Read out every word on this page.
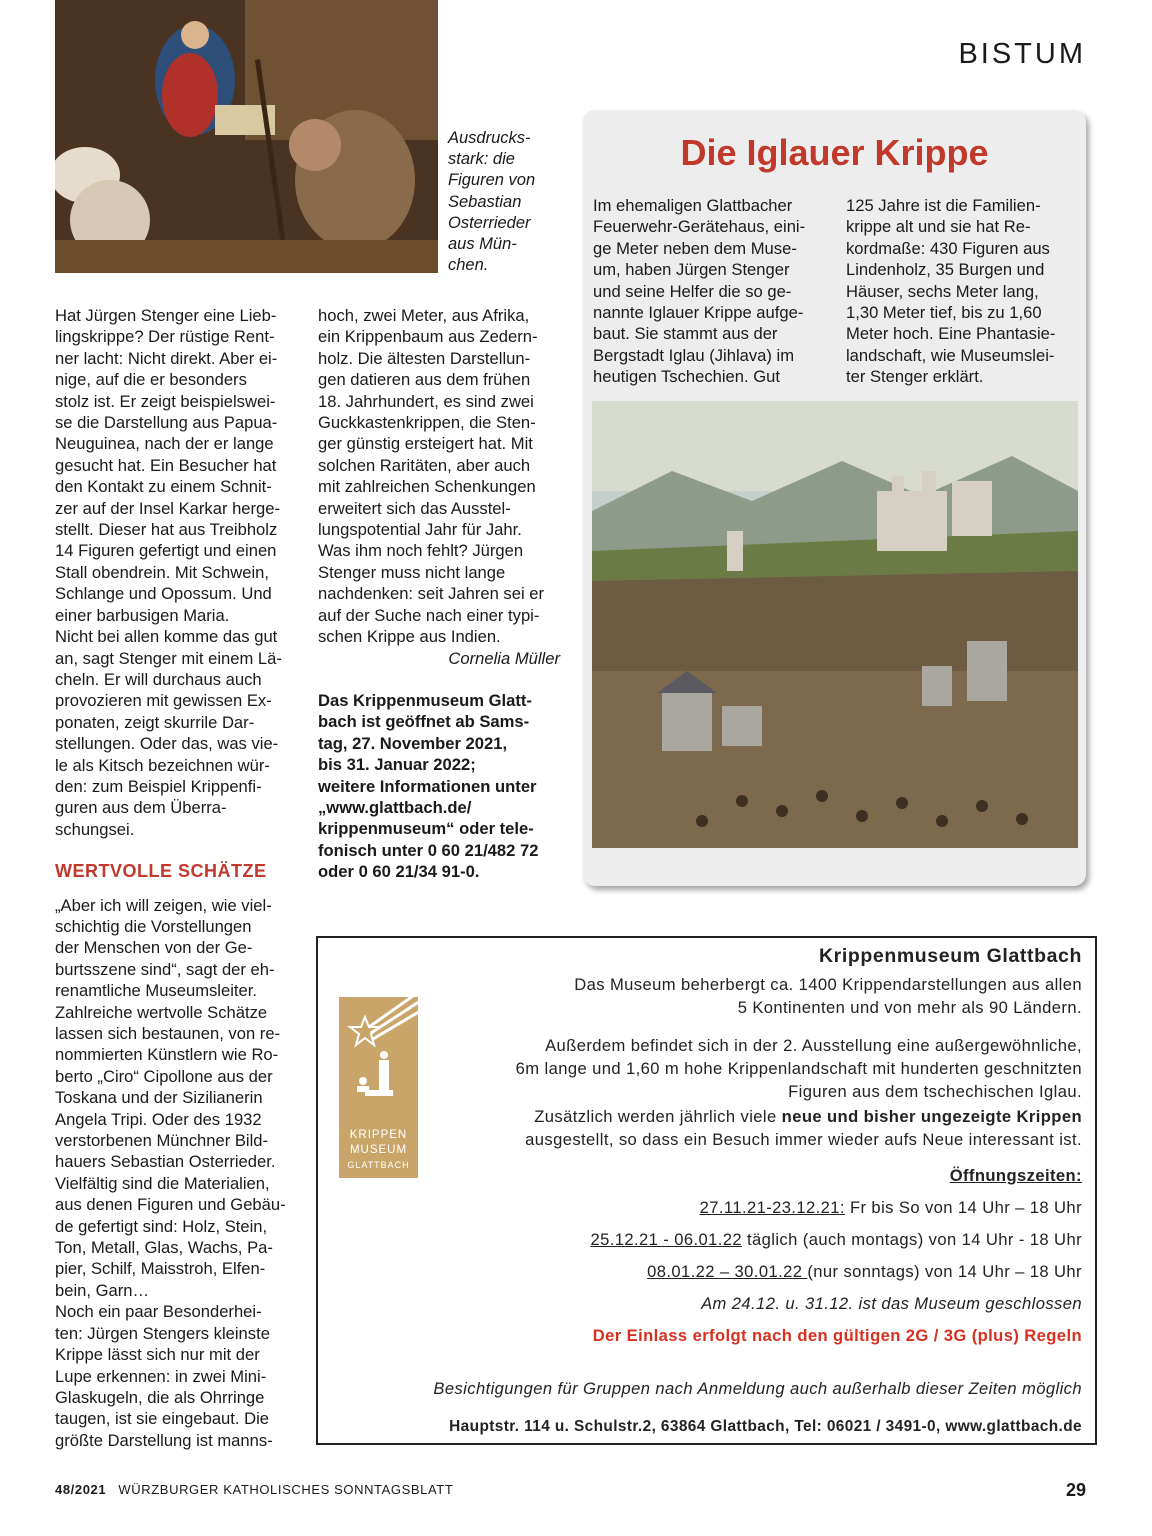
BISTUM
Ausdrucks-
stark: die
Figuren von
Sebastian
Osterrieder
aus Mün-
chen.

Hat Jürgen Stenger eine Lieb-
lingskrippe? Der rüstige Rent-
ner lacht: Nicht direkt. Aber ei-
nige, auf die er besonders
stolz ist. Er zeigt beispielswei-
se die Darstellung aus Papua-
Neuguinea, nach der er lange
gesucht hat. Ein Besucher hat
den Kontakt zu einem Schnit-
zer auf der Insel Karkar herge-
stellt. Dieser hat aus Treibholz
14 Figuren gefertigt und einen
Stall obendrein. Mit Schwein,
Schlange und Opossum. Und
einer barbusigen Maria.

Nicht bei allen komme das gut
an, sagt Stenger mit einem Lä-
cheln. Er will durchaus auch
provozieren mit gewissen Ex-
ponaten, zeigt skurrile Dar-
stellungen. Oder das, was vie-
le als Kitsch bezeichnen wür-
den: zum Beispiel Krippenfi-
guren aus dem Überra-
schungsei.

WERTVOLLE SCHÄTZE

„Aber ich will zeigen, wie viel-
schichtig die Vorstellungen
der Menschen von der Ge-
burtsszene sind“, sagt der eh-
renamtliche Museumsleiter.
Zahlreiche wertvolle Schätze
lassen sich bestaunen, von re-
nommierten Künstlern wie Ro-
berto „Ciro“ Cipollone aus der
Toskana und der Sizilianerin
Angela Tripi. Oder des 1932
verstorbenen Münchner Bild-
hauers Sebastian Osterrieder.
Vielfältig sind die Materialien,
aus denen Figuren und Gebäu-
de gefertigt sind: Holz, Stein,
Ton, Metall, Glas, Wachs, Pa-
pier, Schilf, Maisstroh, Elfen-
bein, Garn…

Noch ein paar Besonderhei-
ten: Jürgen Stengers kleinste
Krippe lässt sich nur mit der
Lupe erkennen: in zwei Mini-
Glaskugeln, die als Ohrringe
taugen, ist sie eingebaut. Die
größte Darstellung ist manns-

hoch, zwei Meter, aus Afrika,
ein Krippenbaum aus Zedern-
holz. Die ältesten Darstellun-
gen datieren aus dem frühen
18. Jahrhundert, es sind zwei
Guckkastenkrippen, die Sten-
ger günstig ersteigert hat. Mit
solchen Raritäten, aber auch
mit zahlreichen Schenkungen
erweitert sich das Ausstel-
lungspotential Jahr für Jahr.
Was ihm noch fehlt? Jürgen
Stenger muss nicht lange
nachdenken: seit Jahren sei er
auf der Suche nach einer typi-
schen Krippe aus Indien.

Cornelia Müller

Das Krippenmuseum Glatt-
bach ist geöffnet ab Sams-
tag, 27. November 2021,
bis 31. Januar 2022;
weitere Informationen unter
„www.glattbach.de/
krippenmuseum“ oder tele-
fonisch unter 0 60 21/482 72
oder 0 60 21/34 91-0.

Die Iglauer Krippe

Im ehemaligen Glattbacher
Feuerwehr-Gerätehaus, eini-
ge Meter neben dem Muse-
um, haben Jürgen Stenger
und seine Helfer die so ge-
nannte Iglauer Krippe aufge-
baut. Sie stammt aus der
Bergstadt Iglau (Jihlava) im
heutigen Tschechien. Gut

125 Jahre ist die Familien-
krippe alt und sie hat Re-
kordmaße: 430 Figuren aus
Lindenholz, 35 Burgen und
Häuser, sechs Meter lang,
1,30 Meter tief, bis zu 1,60
Meter hoch. Eine Phantasie-
landschaft, wie Museumslei-
ter Stenger erklärt.

KRIPPEN
MUSEUM
GLATTBACH
Krippenmuseum Glattbach
Das Museum beherbergt ca. 1400 Krippendarstellungen aus allen
5 Kontinenten und von mehr als 90 Ländern.
Außerdem befindet sich in der 2. Ausstellung eine außergewöhnliche,
6m lange und 1,60 m hohe Krippenlandschaft mit hunderten geschnitzten
Figuren aus dem tschechischen Iglau.
Zusätzlich werden jährlich viele neue und bisher ungezeigte Krippen
ausgestellt, so dass ein Besuch immer wieder aufs Neue interessant ist.
Öffnungszeiten:
27.11.21-23.12.21: Fr bis So von 14 Uhr – 18 Uhr
25.12.21 - 06.01.22 täglich (auch montags) von 14 Uhr - 18 Uhr
08.01.22 – 30.01.22 (nur sonntags) von 14 Uhr – 18 Uhr
Am 24.12. u. 31.12. ist das Museum geschlossen
Der Einlass erfolgt nach den gültigen 2G / 3G (plus) Regeln
Besichtigungen für Gruppen nach Anmeldung auch außerhalb dieser Zeiten möglich
Hauptstr. 114 u. Schulstr.2, 63864 Glattbach, Tel: 06021 / 3491-0, www.glattbach.de
48/2021 WÜRZBURGER KATHOLISCHES SONNTAGSBLATT	29
